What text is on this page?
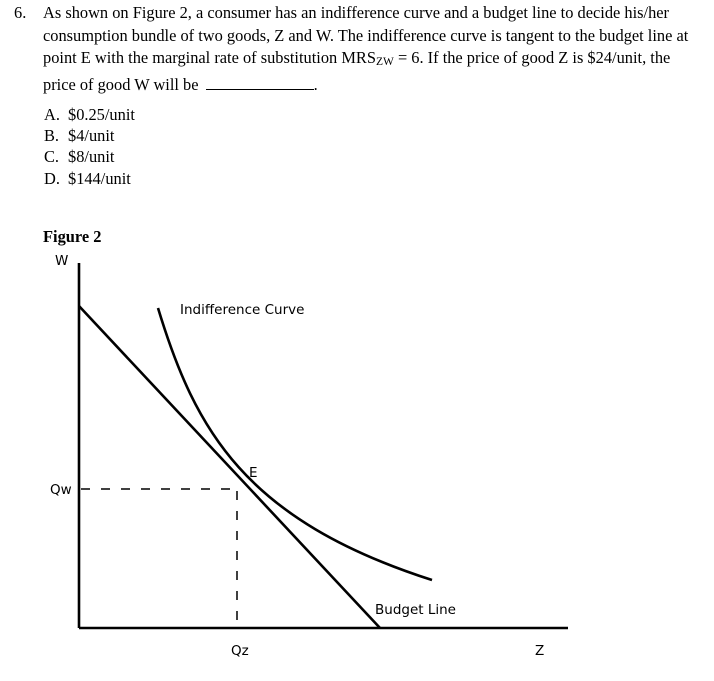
6.	As shown on Figure 2, a consumer has an indifference curve and a budget line to decide his/her consumption bundle of two goods, Z and W. The indifference curve is tangent to the budget line at point E with the marginal rate of substitution MRSZW = 6. If the price of good Z is $24/unit, the price of good W will be	.
A. $0.25/unit
B. $4/unit
C. $8/unit
D. $144/unit
Figure 2
W
Z
Indifference Curve
Budget Line
E
Qw
Qz
